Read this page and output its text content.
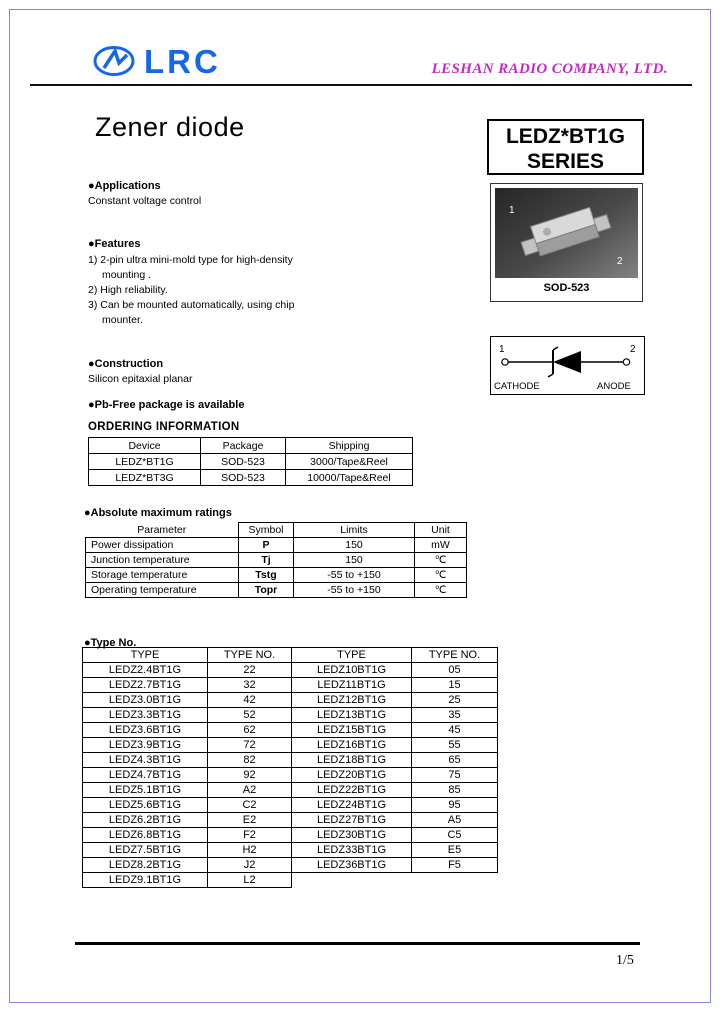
LRC	LESHAN RADIO COMPANY, LTD.
Zener diode	LEDZ*BT1G
SERIES
1
2
SOD-523
●Applications
Constant voltage control
●Features
1) 2-pin ultra mini-mold type for high-density
mounting .
2) High reliability.
3) Can be mounted automatically, using chip
mounter.
●Construction
Silicon epitaxial planar
●Pb-Free package is available
1	2
CATHODE	ANODE
ORDERING INFORMATION
Device	Package	Shipping
LEDZ*BT1G	SOD-523	3000/Tape&Reel
LEDZ*BT3G	SOD-523	10000/Tape&Reel
●Absolute maximum ratings
Parameter	Symbol	Limits	Unit
Power dissipation	P	150	mW
Junction temperature	Tj	150	℃
Storage temperature	Tstg	-55 to +150	℃
Operating temperature	Topr	-55 to +150	℃
●Type No.
TYPE	TYPE NO.	TYPE	TYPE NO.
LEDZ2.4BT1G	22	LEDZ10BT1G	05
LEDZ2.7BT1G	32	LEDZ11BT1G	15
LEDZ3.0BT1G	42	LEDZ12BT1G	25
LEDZ3.3BT1G	52	LEDZ13BT1G	35
LEDZ3.6BT1G	62	LEDZ15BT1G	45
LEDZ3.9BT1G	72	LEDZ16BT1G	55
LEDZ4.3BT1G	82	LEDZ18BT1G	65
LEDZ4.7BT1G	92	LEDZ20BT1G	75
LEDZ5.1BT1G	A2	LEDZ22BT1G	85
LEDZ5.6BT1G	C2	LEDZ24BT1G	95
LEDZ6.2BT1G	E2	LEDZ27BT1G	A5
LEDZ6.8BT1G	F2	LEDZ30BT1G	C5
LEDZ7.5BT1G	H2	LEDZ33BT1G	E5
LEDZ8.2BT1G	J2	LEDZ36BT1G	F5
LEDZ9.1BT1G	L2		
1/5
